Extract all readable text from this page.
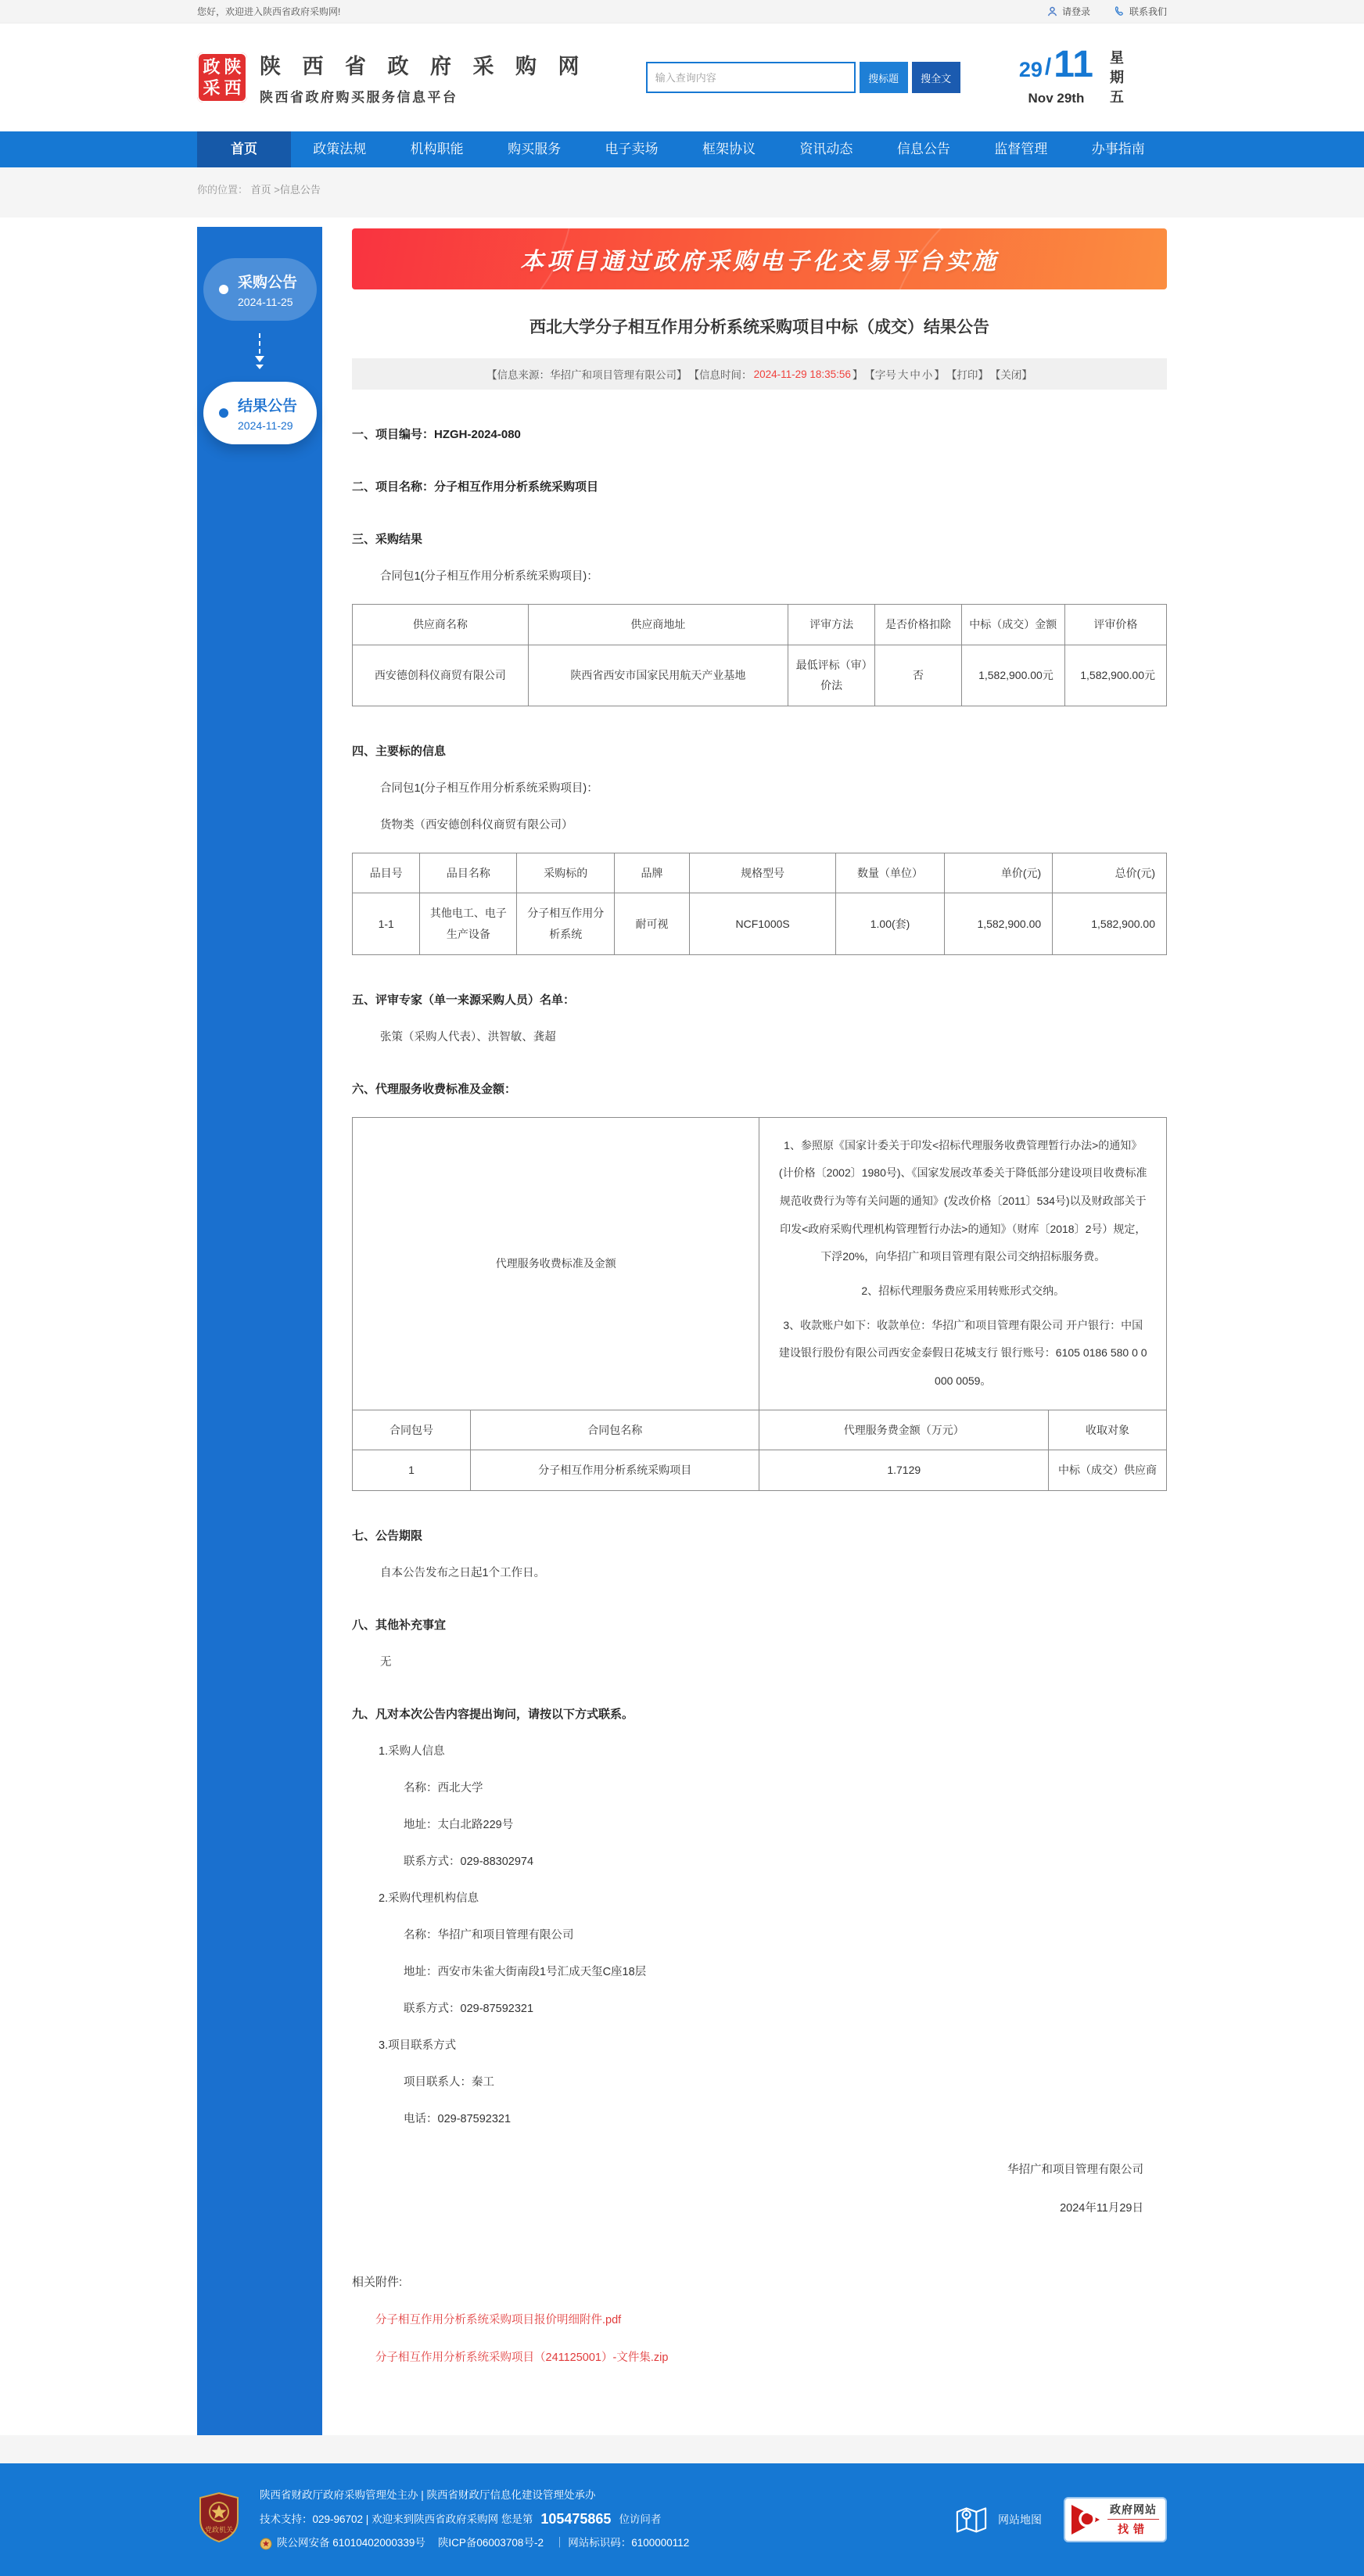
您好，欢迎进入陕西省政府采购网!	请登录	联系我们
政 陕
采 西
陕 西 省 政 府 采 购 网
陕西省政府购买服务信息平台
输入查询内容
搜标题	搜全文	29 / 11
Nov 29th	星期五
首页	政策法规	机构职能	购买服务	电子卖场	框架协议	资讯动态	信息公告	监督管理	办事指南
你的位置： 首页 >信息公告
采购公告
2024-11-25
结果公告
2024-11-29
本项目通过政府采购电子化交易平台实施
西北大学分子相互作用分析系统采购项目中标（成交）结果公告
【信息来源：华招广和项目管理有限公司】 【信息时间： 2024-11-29 18:35:56 】 【字号 大 中 小 】 【打印】 【关闭】
一、项目编号：HZGH-2024-080
二、项目名称：分子相互作用分析系统采购项目
三、采购结果
合同包1(分子相互作用分析系统采购项目)：
供应商名称	供应商地址	评审方法	是否价格扣除	中标（成交）金额	评审价格
西安德创科仪商贸有限公司	陕西省西安市国家民用航天产业基地	最低评标（审）价法	否	1,582,900.00元	1,582,900.00元
四、主要标的信息
合同包1(分子相互作用分析系统采购项目)：
货物类（西安德创科仪商贸有限公司）
品目号	品目名称	采购标的	品牌	规格型号	数量（单位）	单价(元)	总价(元)
1-1	其他电工、电子生产设备	分子相互作用分析系统	耐可视	NCF1000S	1.00(套)	1,582,900.00	1,582,900.00
五、评审专家（单一来源采购人员）名单：
张策（采购人代表）、洪智敏、龚超
六、代理服务收费标准及金额：
代理服务收费标准及金额		1、参照原《国家计委关于印发<招标代理服务收费管理暂行办法>的通知》(计价格〔2002〕1980号)、《国家发展改革委关于降低部分建设项目收费标准规范收费行为等有关问题的通知》(发改价格〔2011〕534号)以及财政部关于印发<政府采购代理机构管理暂行办法>的通知》（财库〔2018〕2号）规定，下浮20%，向华招广和项目管理有限公司交纳招标服务费。

2、招标代理服务费应采用转账形式交纳。

3、收款账户如下：收款单位：华招广和项目管理有限公司 开户银行：中国建设银行股份有限公司西安金泰假日花城支行 银行账号：6105 0186 580 0 0000 0059。	

合同包号	合同包名称	代理服务费金额（万元）	收取对象
1	分子相互作用分析系统采购项目	1.7129	中标（成交）供应商
七、公告期限
自本公告发布之日起1个工作日。
八、其他补充事宜
无
九、凡对本次公告内容提出询问，请按以下方式联系。
1.采购人信息
名称：西北大学
地址：太白北路229号
联系方式：029-88302974
2.采购代理机构信息
名称：华招广和项目管理有限公司
地址：西安市朱雀大街南段1号汇成天玺C座18层
联系方式：029-87592321
3.项目联系方式
项目联系人：秦工
电话：029-87592321
华招广和项目管理有限公司
2024年11月29日
相关附件:
分子相互作用分析系统采购项目报价明细附件.pdf
分子相互作用分析系统采购项目（241125001）-文件集.zip
党政机关
陕西省财政厅政府采购管理处主办 | 陕西省财政厅信息化建设管理处承办
技术支持：029-96702 | 欢迎来到陕西省政府采购网 您是第 105475865 位访问者
陕公网安备 61010402000339号 陕ICP备06003708号-2 ｜ 网站标识码：6100000112
网站地图
政府网站
找错
